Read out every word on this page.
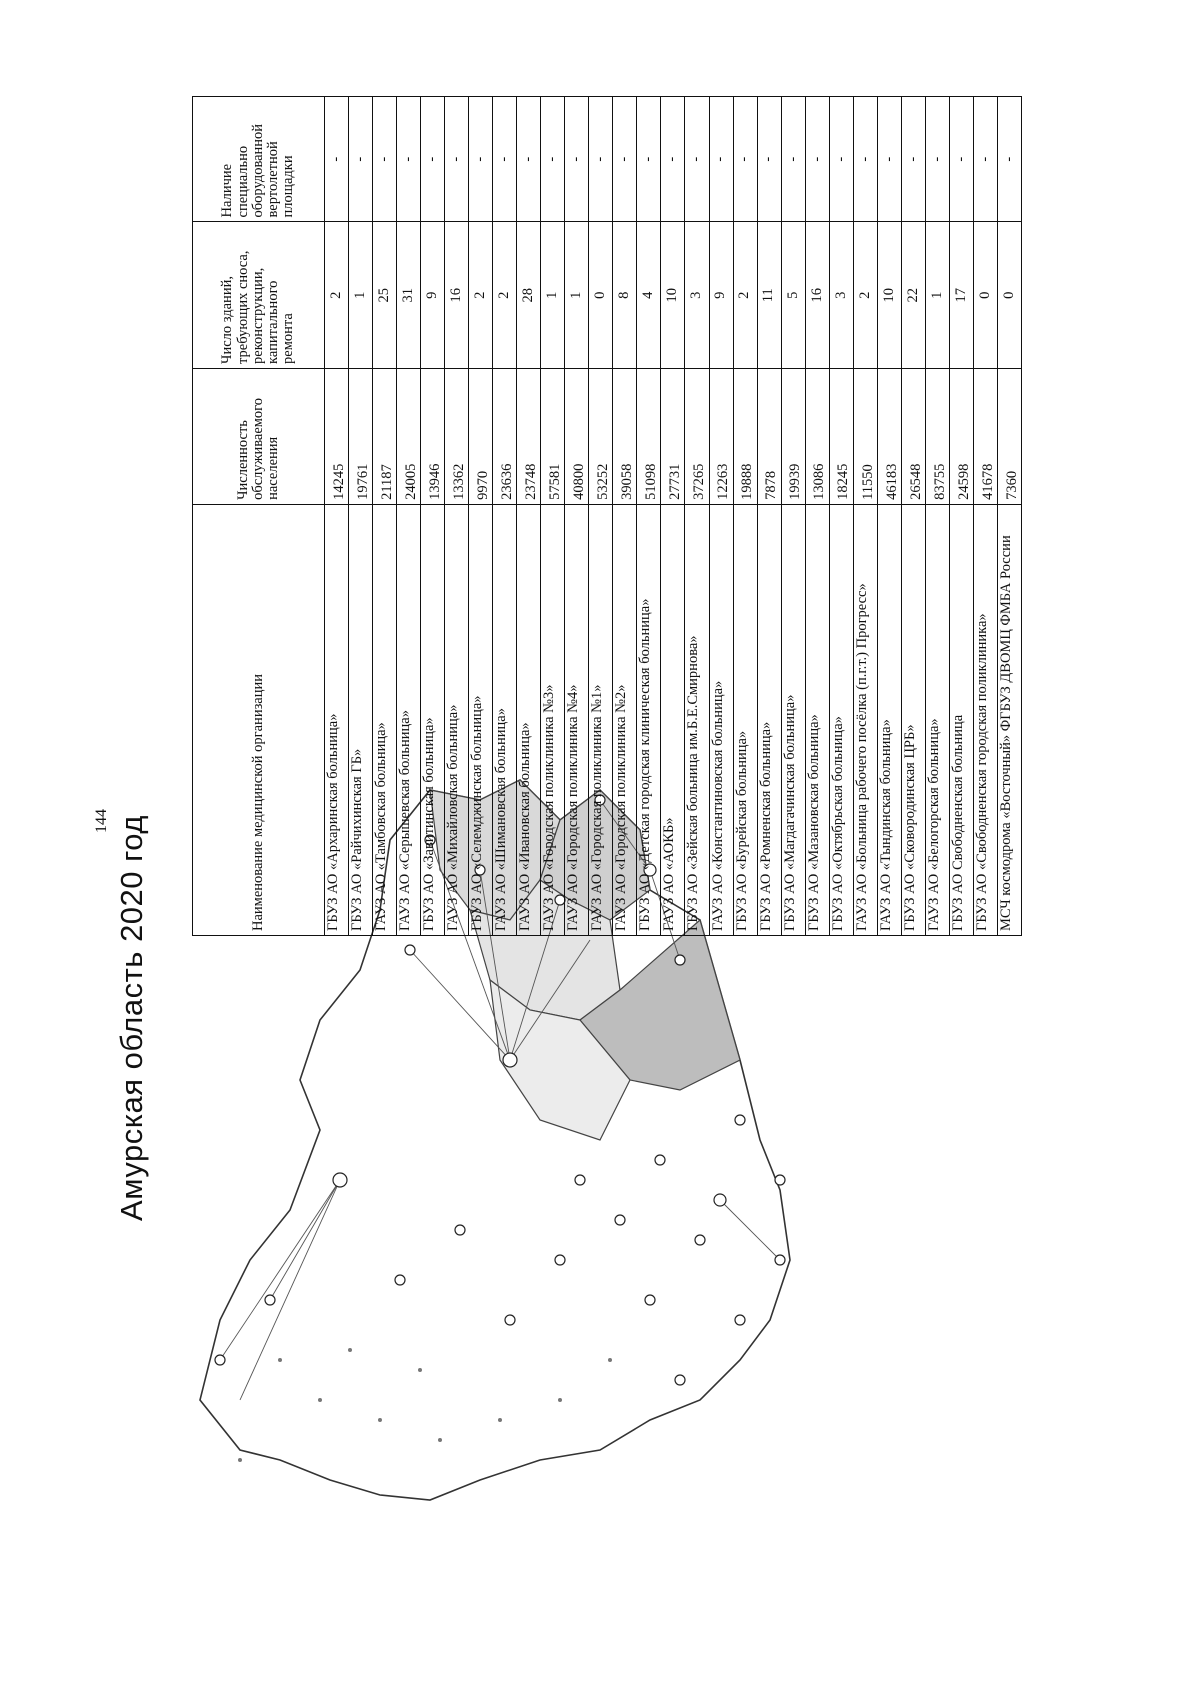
144 Амурская область 2020 год
Наименование медицинской организации	Численность обслуживаемого населения	Число зданий, требующих сноса, реконструкции, капитального ремонта	Наличие специально оборудованной вертолетной площадки
ГБУЗ АО «Архаринская больница»	14245	2	-
ГБУЗ АО «Райчихинская ГБ»	19761	1	-
ГАУЗ АО «Тамбовская больница»	21187	25	-
ГАУЗ АО «Серышевская больница»	24005	31	-
ГБУЗ АО «Завитинская больница»	13946	9	-
ГАУЗ АО «Михайловская больница»	13362	16	-
ГБУЗ АО «Селемджинская больница»	9970	2	-
ГАУЗ АО «Шимановская больница»	23636	2	-
ГАУЗ АО «Ивановская больница»	23748	28	-
ГАУЗ АО «Городская поликлиника №3»	57581	1	-
ГАУЗ АО «Городская поликлиника №4»	40800	1	-
ГАУЗ АО «Городская поликлиника №1»	53252	0	-
ГАУЗ АО «Городская поликлиника №2»	39058	8	-
ГБУЗ АО «Детская городская клиническая больница»	51098	4	-
ГАУЗ АО «АОКБ»	27731	10	-
ГБУЗ АО «Зейская больница им.Б.Е.Смирнова»	37265	3	-
ГАУЗ АО «Константиновская больница»	12263	9	-
ГБУЗ АО «Бурейская больница»	19888	2	-
ГБУЗ АО «Ромненская больница»	7878	11	-
ГБУЗ АО «Магдагачинская больница»	19939	5	-
ГБУЗ АО «Мазановская больница»	13086	16	-
ГБУЗ АО «Октябрьская больница»	18245	3	-
ГАУЗ АО «Больница рабочего посёлка (п.г.т.) Прогресс»	11550	2	-
ГАУЗ АО «Тындинская больница»	46183	10	-
ГБУЗ АО «Сковородинская ЦРБ»	26548	22	-
ГАУЗ АО «Белогорская больница»	83755	1	-
ГБУЗ АО Свободненская больница	24598	17	-
ГБУЗ АО «Свободненская городская поликлиника»	41678	0	-
МСЧ космодрома «Восточный» ФГБУЗ ДВОМЦ ФМБА России	7360	0	-
